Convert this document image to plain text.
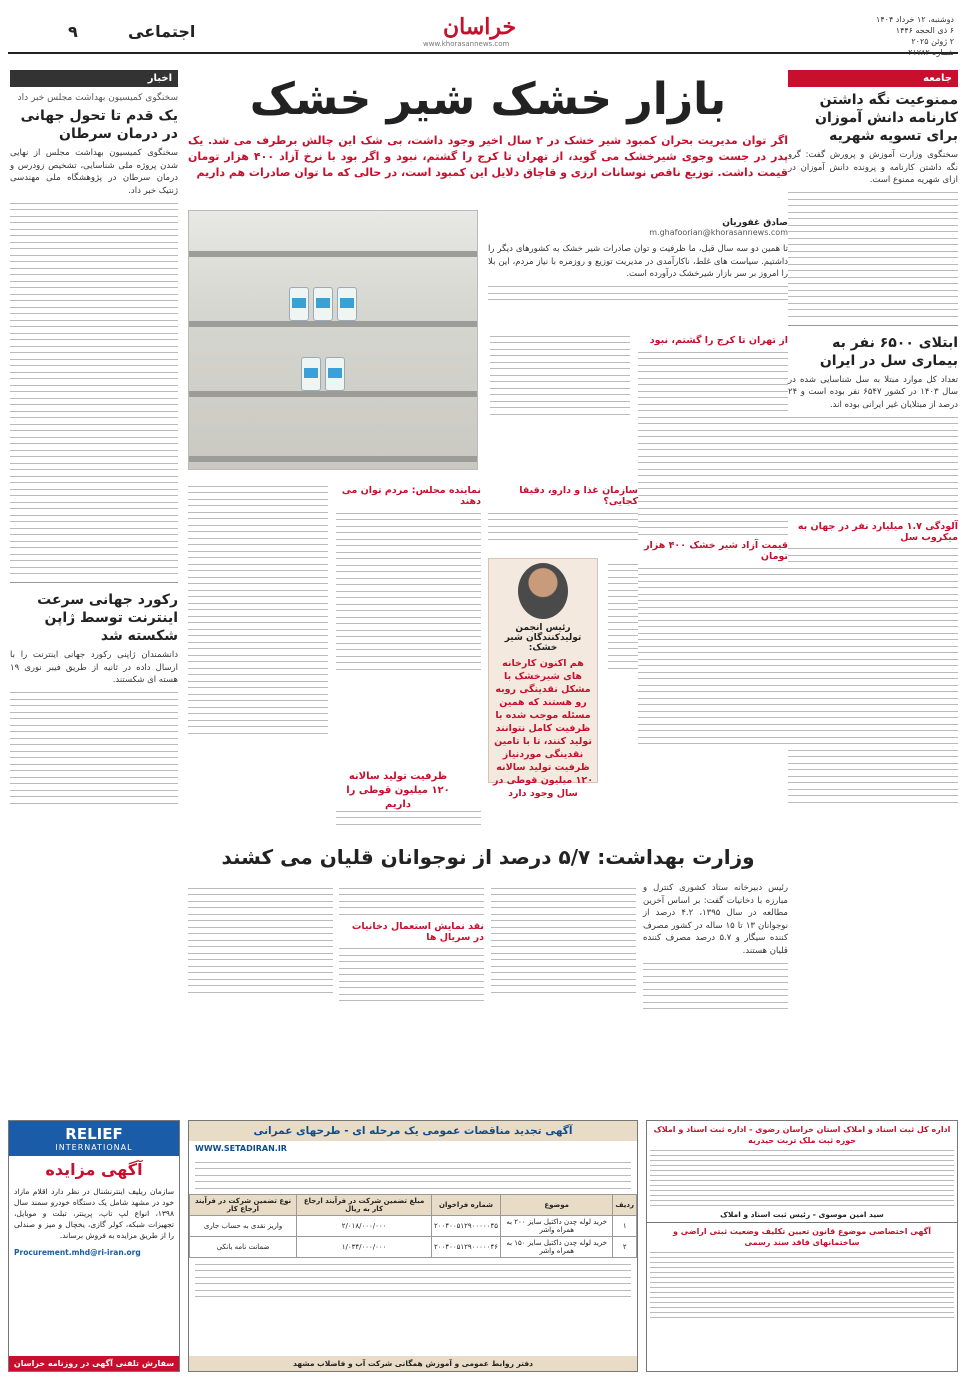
دوشنبه، ۱۲ خرداد ۱۴۰۴
۶ ذی الحجه ۱۴۴۶
۲ ژوئن ۲۰۲۵
شماره ۲۱۷۸۲
خراسان
www.khorasannews.com
اجتماعی
۹
جامعه
ممنوعیت نگه داشتن کارنامه دانش آموزان برای تسویه شهریه

سخنگوی وزارت آموزش و پرورش گفت: گرو نگه داشتن کارنامه و پرونده دانش آموزان در ازای شهریه ممنوع است.

ابتلای ۶۵۰۰ نفر به بیماری سل در ایران

تعداد کل موارد مبتلا به سل شناسایی شده در سال ۱۴۰۳ در کشور ۶۵۴۷ نفر بوده است و ۲۴ درصد از مبتلایان غیر ایرانی بوده اند.

آلودگی ۱.۷ میلیارد نفر در جهان به میکروب سل
اخبار
سخنگوی کمیسیون بهداشت مجلس خبر داد
یک قدم تا تحول جهانی در درمان سرطان

سخنگوی کمیسیون بهداشت مجلس از نهایی شدن پروژه ملی شناسایی، تشخیص زودرس و درمان سرطان در پژوهشگاه ملی مهندسی ژنتیک خبر داد.

رکورد جهانی سرعت اینترنت توسط ژاپن شکسته شد

دانشمندان ژاپنی رکورد جهانی اینترنت را با ارسال داده در ثانیه از طریق فیبر نوری ۱۹ هسته ای شکستند.

بازار خشک شیر خشک

اگر توان مدیریت بحران کمبود شیر خشک در ۲ سال اخیر وجود داشت، بی شک این چالش برطرف می شد. یک پدر در جست وجوی شیرخشک می گوید، از تهران تا کرج را گشتم، نبود و اگر بود با نرخ آزاد ۴۰۰ هزار تومان قیمت داشت. توزیع ناقص نوسانات ارزی و قاچاق دلایل این کمبود است، در حالی که ما توان صادرات هم داریم

صادق غفوریان
m.ghafoorian@khorasannews.com

تا همین دو سه سال قبل، ما ظرفیت و توان صادرات شیر خشک به کشورهای دیگر را داشتیم. سیاست های غلط، ناکارآمدی در مدیریت توزیع و روزمره با نیاز مردم، این بلا را امروز بر سر بازار شیرخشک درآورده است.

از تهران تا کرج را گشتم، نبود
قیمت آزاد شیر خشک ۴۰۰ هزار تومان
نماینده مجلس: مردم توان می دهند
سازمان غذا و دارو، دقیقا کجایی؟
رئیس انجمن تولیدکنندگان شیر خشک:
هم اکنون کارخانه های شیرخشک با مشکل نقدینگی روبه رو هستند که همین مسئله موجب شده با ظرفیت کامل نتوانند تولید کنند، تا با تامین نقدینگی موردنیاز ظرفیت تولید سالانه ۱۲۰ میلیون قوطی در سال وجود دارد
ظرفیت تولید سالانه ۱۲۰ میلیون قوطی را داریم
وزارت بهداشت: ۵/۷ درصد از نوجوانان قلیان می کشند

رئیس دبیرخانه ستاد کشوری کنترل و مبارزه با دخانیات گفت: بر اساس آخرین مطالعه در سال ۱۳۹۵، ۴.۲ درصد از نوجوانان ۱۳ تا ۱۵ ساله در کشور مصرف کننده سیگار و ۵.۷ درصد مصرف کننده قلیان هستند.

نقد نمایش استعمال دخانیات در سریال ها
RELIEF
INTERNATIONAL
آگهی مزایده

سازمان ریلیف اینترنشنال در نظر دارد اقلام مازاد خود در مشهد شامل یک دستگاه خودرو سمند سال ۱۳۹۸، انواع لپ تاپ، پرینتر، تبلت و موبایل، تجهیزات شبکه، کولر گازی، یخچال و میز و صندلی را از طریق مزایده به فروش برساند.

Procurement.mhd@ri-iran.org

سفارش تلفنی آگهی در روزنامه خراسان
آگهی تجدید مناقصات عمومی یک مرحله ای - طرحهای عمرانی
WWW.SETADIRAN.IR
ردیف	موضوع	شماره فراخوان	مبلغ تضمین شرکت در فرآیند ارجاع کار به ریال	نوع تضمین شرکت در فرآیند ارجاع کار
۱	خرید لوله چدن داکتیل سایز ۲۰۰ به همراه واشر	۲۰۰۴۰۰۵۱۲۹۰۰۰۰۰۴۵	۲/۰۱۸/۰۰۰/۰۰۰	واریز نقدی به حساب جاری
۲	خرید لوله چدن داکتیل سایز ۱۵۰ به همراه واشر	۲۰۰۴۰۰۵۱۲۹۰۰۰۰۰۴۶	۱/۰۳۴/۰۰۰/۰۰۰	ضمانت نامه بانکی
دفتر روابط عمومی و آموزش همگانی شرکت آب و فاضلاب مشهد
اداره کل ثبت اسناد و املاک استان خراسان رضوی - اداره ثبت اسناد و املاک حوزه ثبت ملک تربت حیدریه
سید امین موسوی - رئیس ثبت اسناد و املاک
آگهی اختصاصی موضوع قانون تعیین تکلیف وضعیت ثبتی اراضی و ساختمانهای فاقد سند رسمی
